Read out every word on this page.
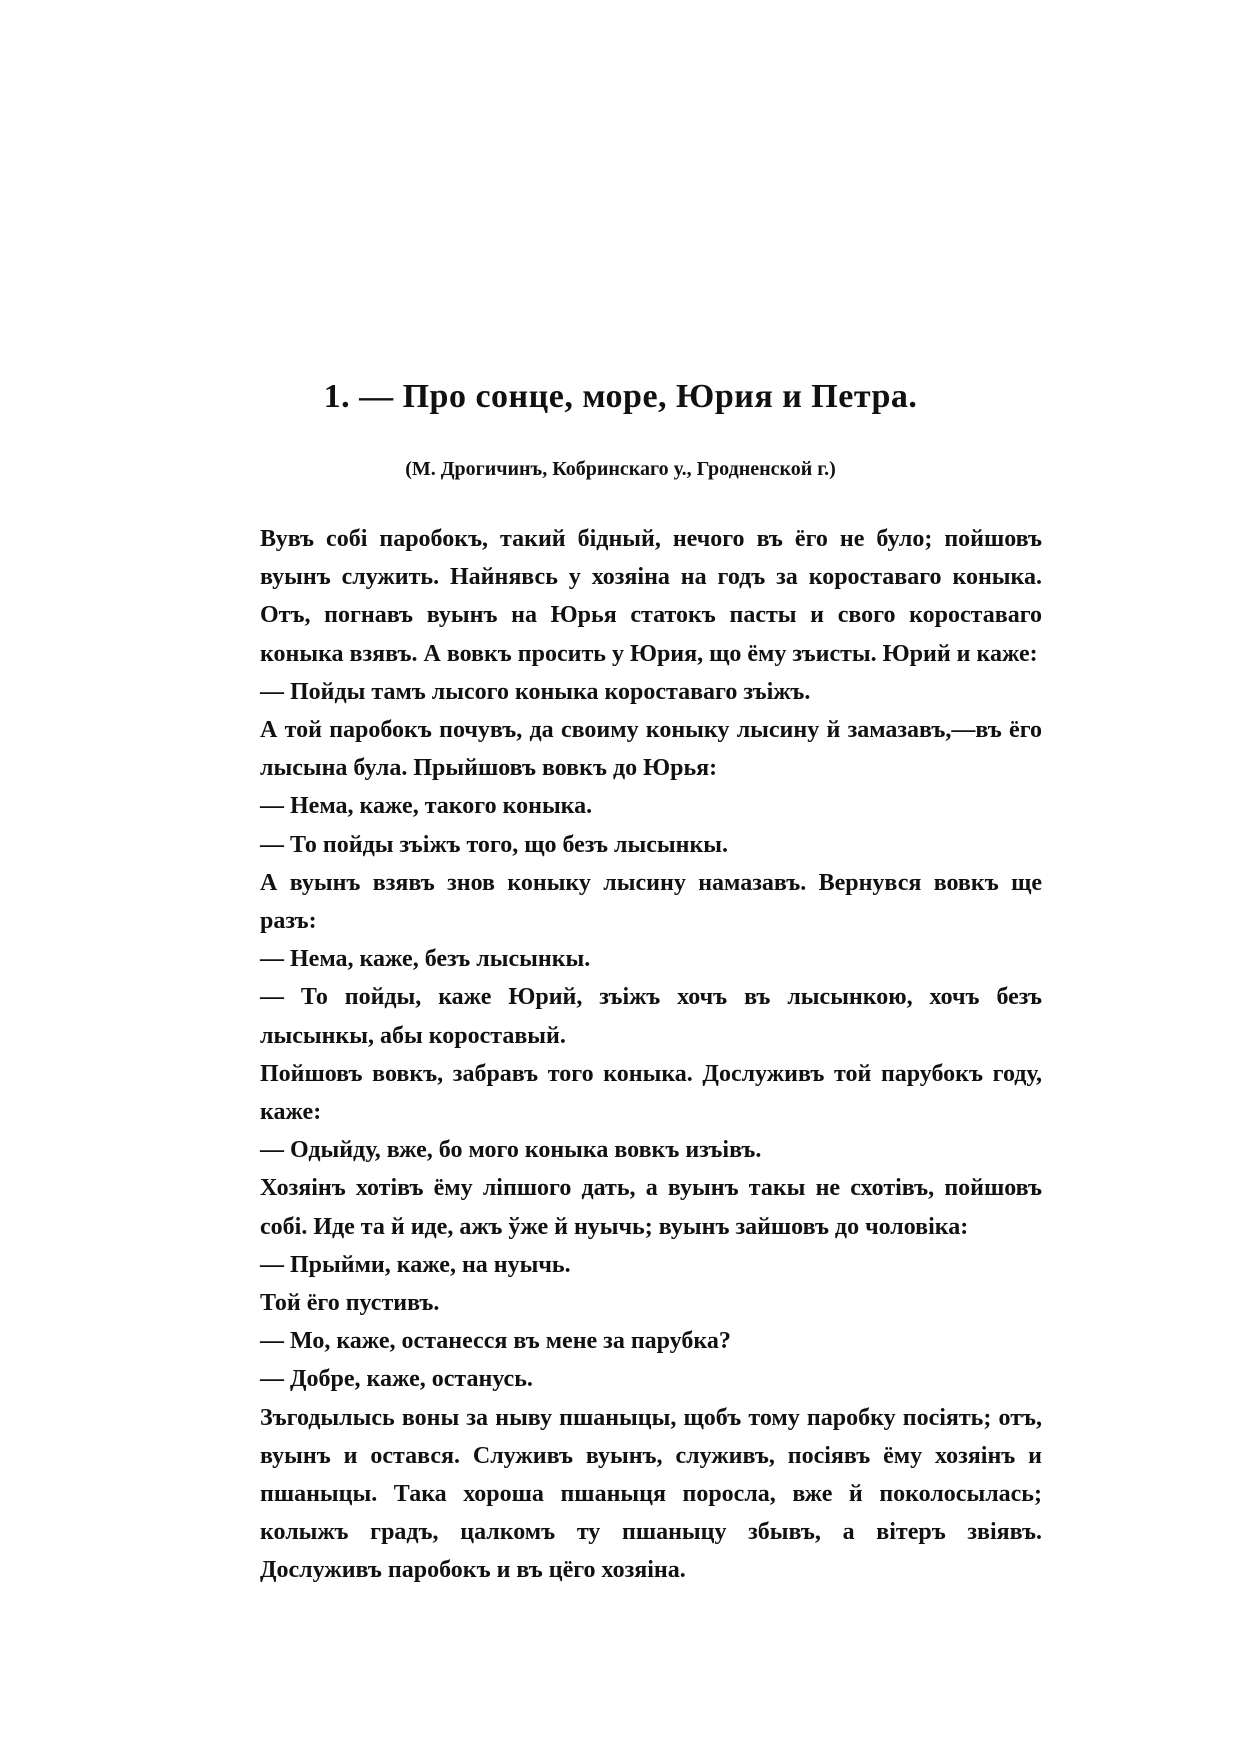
1. — Про сонце, море, Юрия и Петра.
(М. Дрогичинъ, Кобринскаго у., Гродненской г.)

Вувъ собі паробокъ, такий бідный, нечого въ ёго не було; пойшовъ вуынъ служить. Найнявсь у хозяіна на годъ за короставаго коныка. Отъ, погнавъ вуынъ на Юрья статокъ пасты и свого короставаго коныка взявъ. А вовкъ просить у Юрия, що ёму зъисты. Юрий и каже:

— Пойды тамъ лысого коныка короставаго зъіжъ.

А той паробокъ почувъ, да своиму коныку лысину й замазавъ,—въ ёго лысына була. Прыйшовъ вовкъ до Юрья:

— Нема, каже, такого коныка.

— То пойды зъіжъ того, що безъ лысынкы.

А вуынъ взявъ знов коныку лысину намазавъ. Вернувся вовкъ ще разъ:

— Нема, каже, безъ лысынкы.

— То пойды, каже Юрий, зъіжъ хочъ въ лысынкою, хочъ безъ лысынкы, абы короставый.

Пойшовъ вовкъ, забравъ того коныка. Дослуживъ той парубокъ году, каже:

— Одыйду, вже, бо мого коныка вовкъ изъівъ.

Хозяінъ хотівъ ёму ліпшого дать, а вуынъ такы не схотівъ, пойшовъ собі. Иде та й иде, ажъ ўже й нуычь; вуынъ зайшовъ до чоловіка:

— Прыйми, каже, на нуычь.

Той ёго пустивъ.

— Мо, каже, останесся въ мене за парубка?

— Добре, каже, останусь.

Зъгодылысь воны за ныву пшаныцы, щобъ тому паробку посіять; отъ, вуынъ и остався. Служивъ вуынъ, служивъ, посіявъ ёму хозяінъ и пшаныцы. Така хороша пшаныця поросла, вже й поколосылась; колыжъ градъ, цалкомъ ту пшаныцу збывъ, а вітеръ звіявъ. Дослуживъ паробокъ и въ цёго хозяіна.
